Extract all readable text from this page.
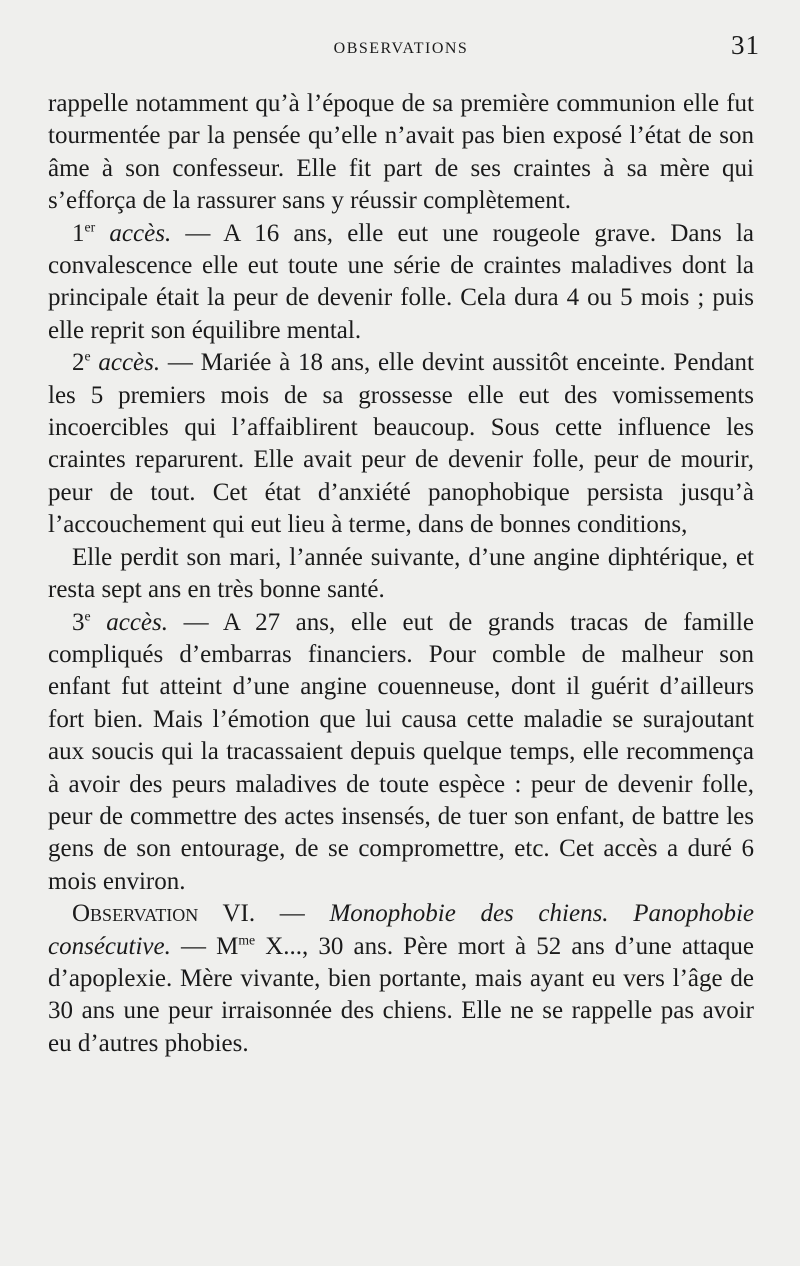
OBSERVATIONS	31

rappelle notamment qu’à l’époque de sa première communion elle fut tourmentée par la pensée qu’elle n’avait pas bien exposé l’état de son âme à son confesseur. Elle fit part de ses craintes à sa mère qui s’efforça de la rassurer sans y réussir complètement.

1er accès. — A 16 ans, elle eut une rougeole grave. Dans la convalescence elle eut toute une série de craintes maladives dont la principale était la peur de devenir folle. Cela dura 4 ou 5 mois ; puis elle reprit son équilibre mental.

2e accès. — Mariée à 18 ans, elle devint aussitôt enceinte. Pendant les 5 premiers mois de sa grossesse elle eut des vomissements incoercibles qui l’affaiblirent beaucoup. Sous cette influence les craintes reparurent. Elle avait peur de devenir folle, peur de mourir, peur de tout. Cet état d’anxiété panophobique persista jusqu’à l’accouchement qui eut lieu à terme, dans de bonnes conditions,

Elle perdit son mari, l’année suivante, d’une angine diphtérique, et resta sept ans en très bonne santé.

3e accès. — A 27 ans, elle eut de grands tracas de famille compliqués d’embarras financiers. Pour comble de malheur son enfant fut atteint d’une angine couenneuse, dont il guérit d’ailleurs fort bien. Mais l’émotion que lui causa cette maladie se surajoutant aux soucis qui la tracassaient depuis quelque temps, elle recommença à avoir des peurs maladives de toute espèce : peur de devenir folle, peur de commettre des actes insensés, de tuer son enfant, de battre les gens de son entourage, de se compromettre, etc. Cet accès a duré 6 mois environ.

Observation VI. — Monophobie des chiens. Panophobie consécutive. — $M^{me}$ X..., 30 ans. Père mort à 52 ans d’une attaque d’apoplexie. Mère vivante, bien portante, mais ayant eu vers l’âge de 30 ans une peur irraisonnée des chiens. Elle ne se rappelle pas avoir eu d’autres phobies.
